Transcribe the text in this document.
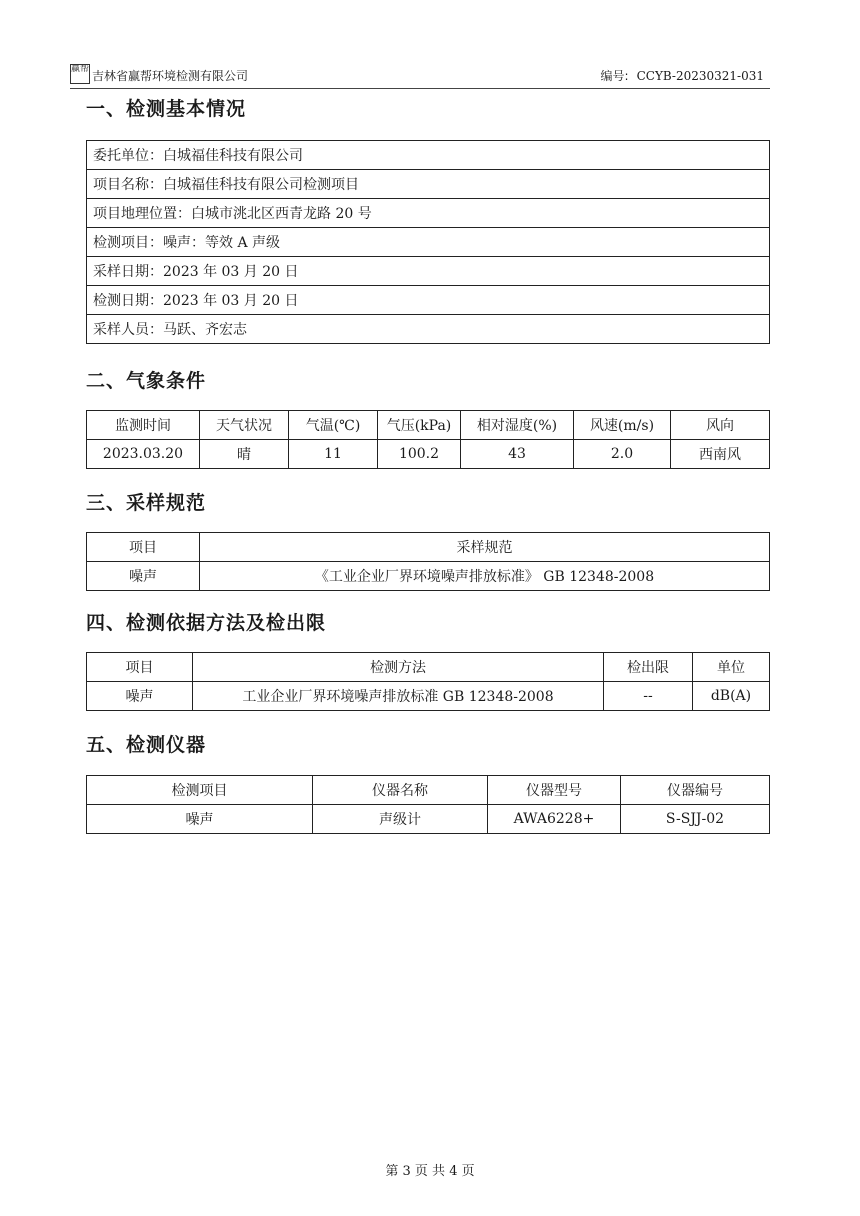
赢帮 吉林省赢帮环境检测有限公司	编号: CCYB-20230321-031
一、检测基本情况
委托单位：白城福佳科技有限公司
项目名称：白城福佳科技有限公司检测项目
项目地理位置：白城市洮北区西青龙路 20 号
检测项目：噪声：等效 A 声级
采样日期：2023 年 03 月 20 日
检测日期：2023 年 03 月 20 日
采样人员：马跃、齐宏志
二、气象条件
监测时间	天气状况	气温(℃)	气压(kPa)	相对湿度(%)	风速(m/s)	风向
2023.03.20	晴	11	100.2	43	2.0	西南风
三、采样规范
项目	采样规范
噪声	《工业企业厂界环境噪声排放标准》 GB 12348-2008
四、检测依据方法及检出限
项目	检测方法	检出限	单位
噪声	工业企业厂界环境噪声排放标准 GB 12348-2008	--	dB(A)
五、检测仪器
检测项目	仪器名称	仪器型号	仪器编号
噪声	声级计	AWA6228+	S-SJJ-02
第 3 页 共 4 页
